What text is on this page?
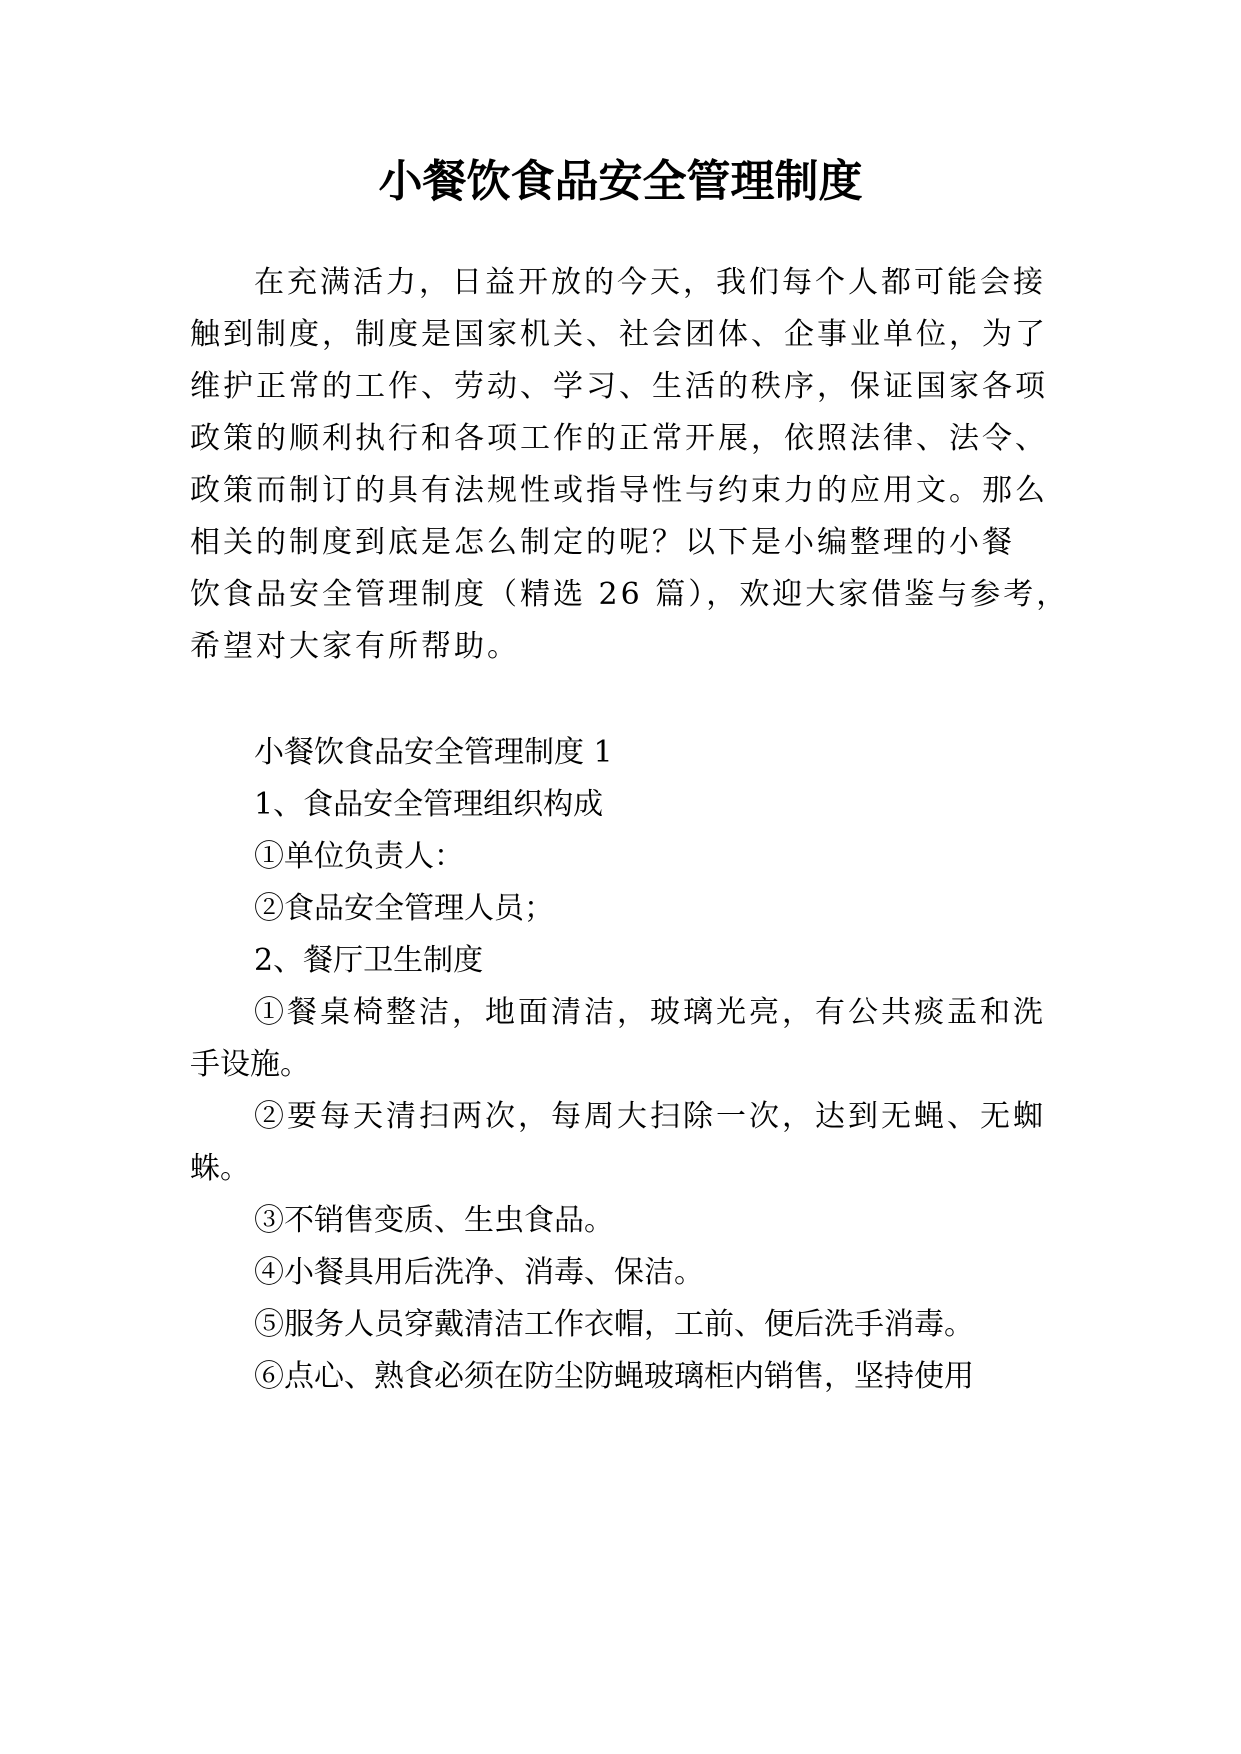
小餐饮食品安全管理制度
在充满活力，日益开放的今天，我们每个人都可能会接
触到制度，制度是国家机关、社会团体、企事业单位，为了
维护正常的工作、劳动、学习、生活的秩序，保证国家各项
政策的顺利执行和各项工作的正常开展，依照法律、法令、
政策而制订的具有法规性或指导性与约束力的应用文。那么
相关的制度到底是怎么制定的呢？以下是小编整理的小餐
饮食品安全管理制度（精选 26 篇），欢迎大家借鉴与参考，
希望对大家有所帮助。
小餐饮食品安全管理制度 1
1、食品安全管理组织构成
①单位负责人：
②食品安全管理人员；
2、餐厅卫生制度
①餐桌椅整洁，地面清洁，玻璃光亮，有公共痰盂和洗
手设施。
②要每天清扫两次，每周大扫除一次，达到无蝇、无蜘
蛛。
③不销售变质、生虫食品。
④小餐具用后洗净、消毒、保洁。
⑤服务人员穿戴清洁工作衣帽，工前、便后洗手消毒。
⑥点心、熟食必须在防尘防蝇玻璃柜内销售，坚持使用
